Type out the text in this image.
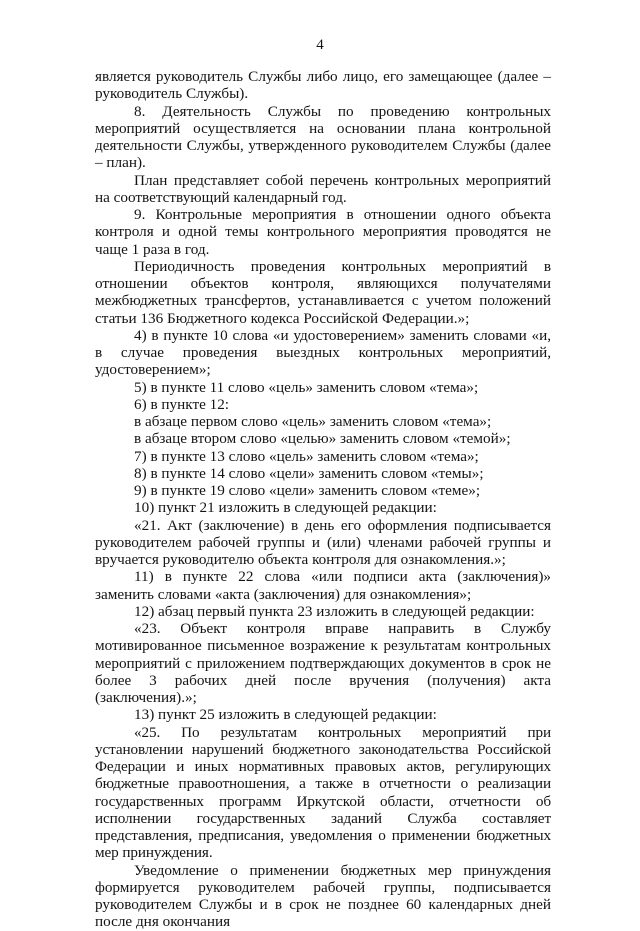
4

является руководитель Службы либо лицо, его замещающее (далее – руководитель Службы).

8. Деятельность Службы по проведению контрольных мероприятий осуществляется на основании плана контрольной деятельности Службы, утвержденного руководителем Службы (далее – план).

План представляет собой перечень контрольных мероприятий на соответствующий календарный год.

9. Контрольные мероприятия в отношении одного объекта контроля и одной темы контрольного мероприятия проводятся не чаще 1 раза в год.

Периодичность проведения контрольных мероприятий в отношении объектов контроля, являющихся получателями межбюджетных трансфертов, устанавливается с учетом положений статьи 136 Бюджетного кодекса Российской Федерации.»;

4) в пункте 10 слова «и удостоверением» заменить словами «и, в случае проведения выездных контрольных мероприятий, удостоверением»;

5) в пункте 11 слово «цель» заменить словом «тема»;

6) в пункте 12:

в абзаце первом слово «цель» заменить словом «тема»;

в абзаце втором слово «целью» заменить словом «темой»;

7) в пункте 13 слово «цель» заменить словом «тема»;

8) в пункте 14 слово «цели» заменить словом «темы»;

9) в пункте 19 слово «цели» заменить словом «теме»;

10) пункт 21 изложить в следующей редакции:

«21. Акт (заключение) в день его оформления подписывается руководителем рабочей группы и (или) членами рабочей группы и вручается руководителю объекта контроля для ознакомления.»;

11) в пункте 22 слова «или подписи акта (заключения)» заменить словами «акта (заключения) для ознакомления»;

12) абзац первый пункта 23 изложить в следующей редакции:

«23. Объект контроля вправе направить в Службу мотивированное письменное возражение к результатам контрольных мероприятий с приложением подтверждающих документов в срок не более 3 рабочих дней после вручения (получения) акта (заключения).»;

13) пункт 25 изложить в следующей редакции:

«25. По результатам контрольных мероприятий при установлении нарушений бюджетного законодательства Российской Федерации и иных нормативных правовых актов, регулирующих бюджетные правоотношения, а также в отчетности о реализации государственных программ Иркутской области, отчетности об исполнении государственных заданий Служба составляет представления, предписания, уведомления о применении бюджетных мер принуждения.

Уведомление о применении бюджетных мер принуждения формируется руководителем рабочей группы, подписывается руководителем Службы и в срок не позднее 60 календарных дней после дня окончания
